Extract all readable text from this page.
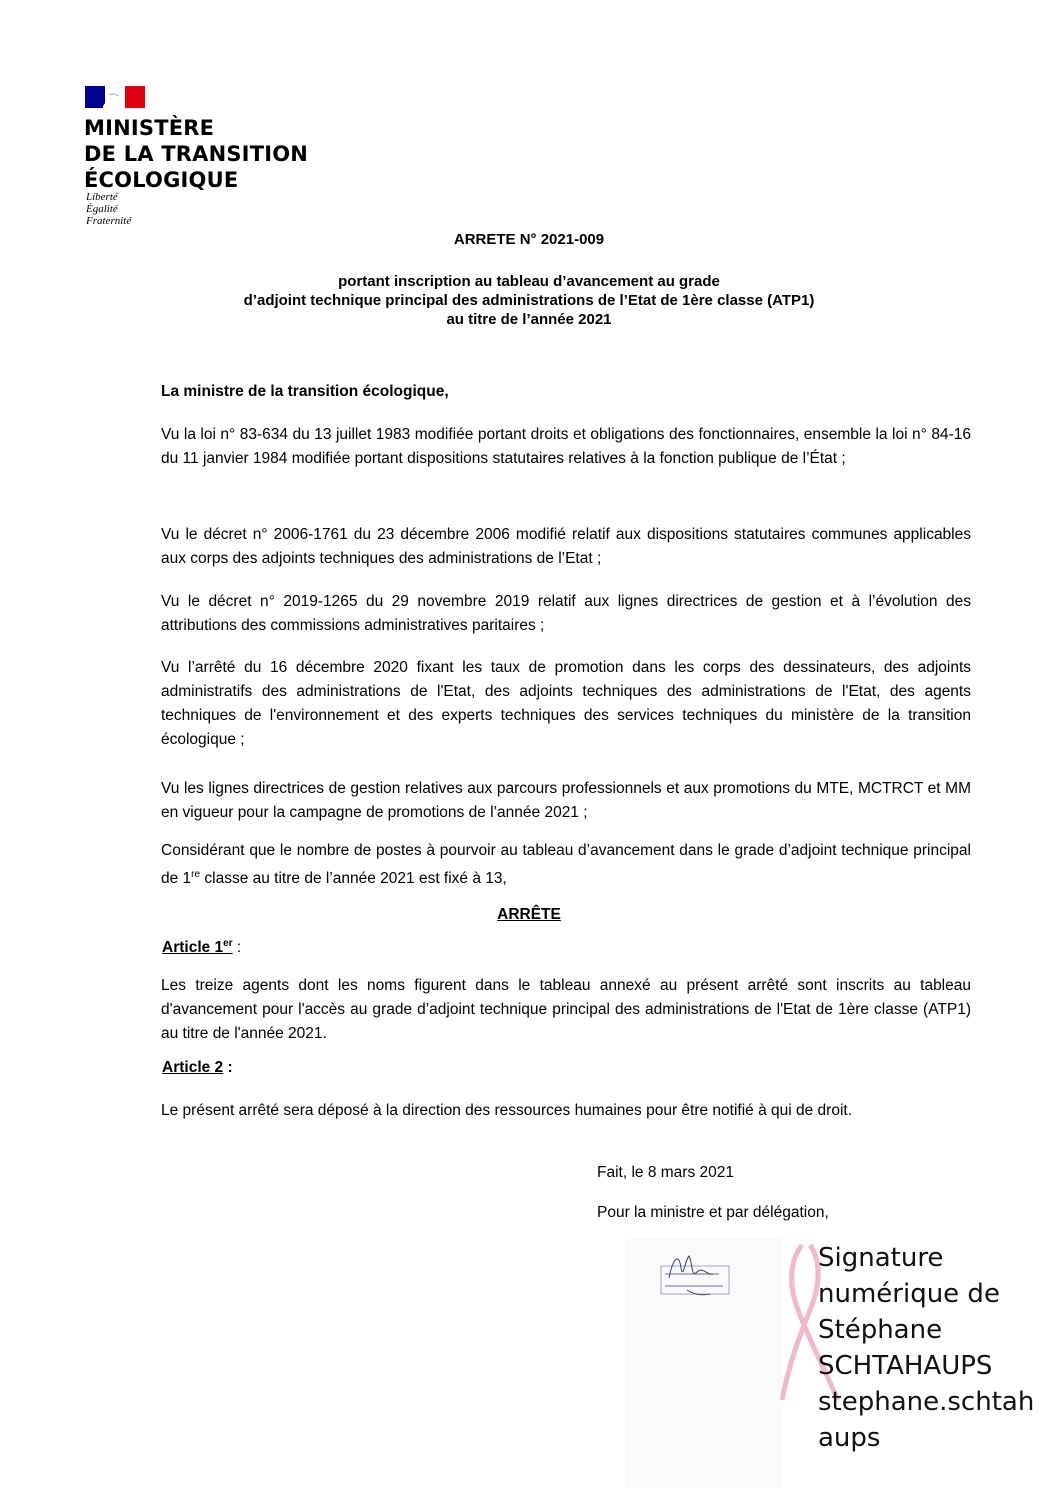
MINISTÈRE
DE LA TRANSITION
ÉCOLOGIQUE
Liberté
Égalité
Fraternité
ARRETE N° 2021-009
portant inscription au tableau d’avancement au grade
d’adjoint technique principal des administrations de l’Etat de 1ère classe (ATP1)
au titre de l’année 2021
La ministre de la transition écologique,
Vu la loi n° 83-634 du 13 juillet 1983 modifiée portant droits et obligations des fonctionnaires, ensemble la loi n° 84-16 du 11 janvier 1984 modifiée portant dispositions statutaires relatives à la fonction publique de l’État ;
Vu le décret n° 2006-1761 du 23 décembre 2006 modifié relatif aux dispositions statutaires communes applicables aux corps des adjoints techniques des administrations de l’Etat ;
Vu le décret n° 2019-1265 du 29 novembre 2019 relatif aux lignes directrices de gestion et à l’évolution des attributions des commissions administratives paritaires ;
Vu l’arrêté du 16 décembre 2020 fixant les taux de promotion dans les corps des dessinateurs, des adjoints administratifs des administrations de l'Etat, des adjoints techniques des administrations de l'Etat, des agents techniques de l'environnement et des experts techniques des services techniques du ministère de la transition écologique ;
Vu les lignes directrices de gestion relatives aux parcours professionnels et aux promotions du MTE, MCTRCT et MM en vigueur pour la campagne de promotions de l’année 2021 ;
Considérant que le nombre de postes à pourvoir au tableau d’avancement dans le grade d’adjoint technique principal de 1re classe au titre de l’année 2021 est fixé à 13,
ARRÊTE
Article 1er :
Les treize agents dont les noms figurent dans le tableau annexé au présent arrêté sont inscrits au tableau d'avancement pour l'accès au grade d’adjoint technique principal des administrations de l'Etat de 1ère classe (ATP1) au titre de l'année 2021.
Article 2 :
Le présent arrêté sera déposé à la direction des ressources humaines pour être notifié à qui de droit.
Fait, le 8 mars 2021
Pour la ministre et par délégation,
Signature
numérique de
Stéphane
SCHTAHAUPS
stephane.schtah
aups
